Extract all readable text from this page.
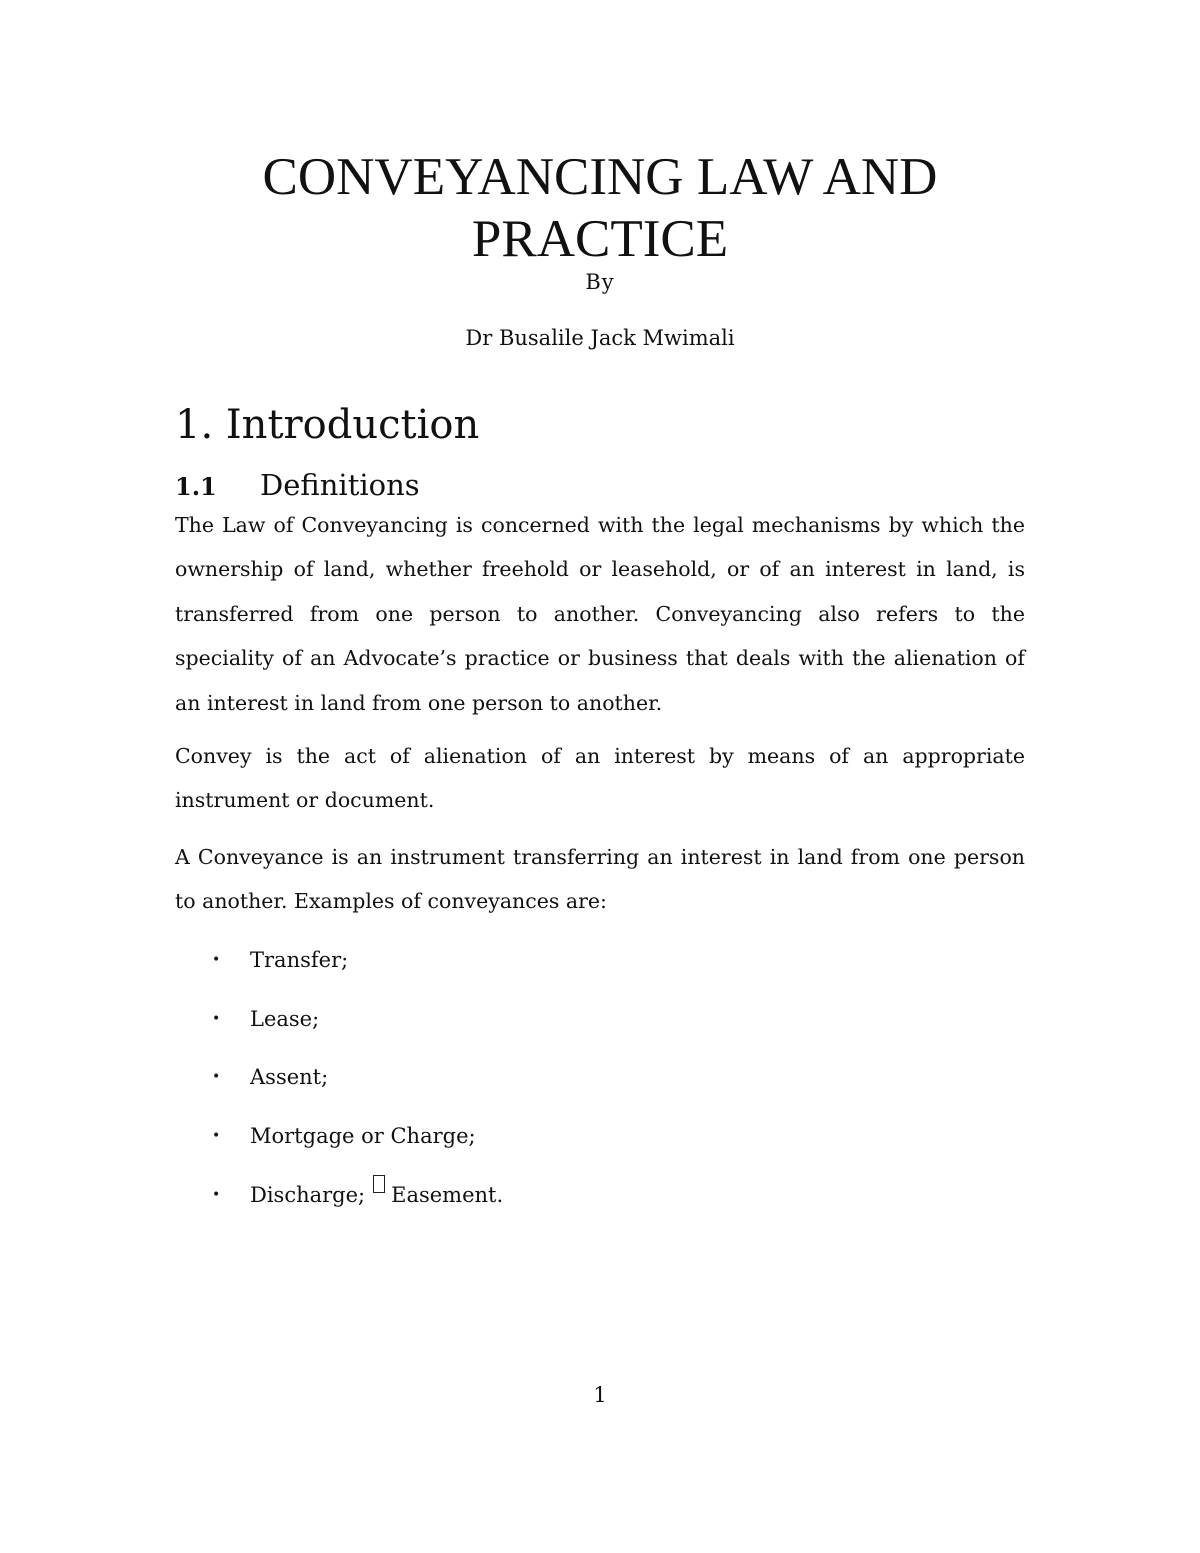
CONVEYANCING LAW AND
PRACTICE
By
Dr Busalile Jack Mwimali
1. Introduction
1.1 Definitions

The Law of Conveyancing is concerned with the legal mechanisms by which the ownership of land, whether freehold or leasehold, or of an interest in land, is transferred from one person to another. Conveyancing also refers to the speciality of an Advocate’s practice or business that deals with the alienation of an interest in land from one person to another.

Convey is the act of alienation of an interest by means of an appropriate instrument or document.

A Conveyance is an instrument transferring an interest in land from one person to another. Examples of conveyances are:

•	Transfer;
•	Lease;
•	Assent;
•	Mortgage or Charge;
•	Discharge; Easement.
1
